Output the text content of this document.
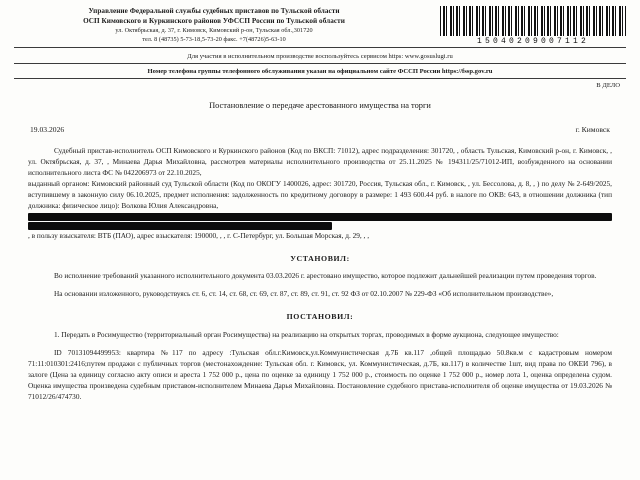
15040209007112
Управление Федеральной службы судебных приставов по Тульской области
ОСП Кимовского и Куркинского районов УФССП России по Тульской области
ул. Октябрьская, д. 37, г. Кимовск, Кимовский р-он, Тульская обл.,301720
тел. 8 (48735) 5-73-18,5-73-20 факс. +7(48726)5-63-10
Для участия в исполнительном производстве воспользуйтесь сервисом https: www.gosuslugi.ru
Номер телефона группы телефонного обслуживания указан на официальном сайте ФССП России https://fssp.gov.ru
В ДЕЛО
Постановление о передаче арестованного имущества на торги
19.03.2026	г. Кимовск

Судебный пристав-исполнитель ОСП Кимовского и Куркинского районов (Код по ВКСП: 71012), адрес подразделения: 301720, , область Тульская, Кимовский р-он, г. Кимовск, , ул. Октябрьская, д. 37, , Минаева Дарья Михайловна, рассмотрев материалы исполнительного производства от 25.11.2025 № 194311/25/71012-ИП, возбужденного на основании исполнительного листа ФС № 042206973 от 22.10.2025,

выданный органом: Кимовский районный суд Тульской области (Код по ОКОГУ 1400026, адрес: 301720, Россия, Тульская обл., г. Кимовск, , ул. Бессолова, д. 8, , ) по делу № 2-649/2025, вступившему в законную силу 06.10.2025, предмет исполнения: задолженность по кредитному договору в размере: 1 493 600.44 руб. в налоге по ОКВ: 643, в отношении должника (тип должника: физическое лицо): Волкова Юлия Александровна,

, в пользу взыскателя: ВТБ (ПАО), адрес взыскателя: 190000, , , г. С-Петербург, ул. Большая Морская, д. 29, , ,

УСТАНОВИЛ:

Во исполнение требований указанного исполнительного документа 03.03.2026 г. арестовано имущество, которое подлежит дальнейшей реализации путем проведения торгов.

На основании изложенного, руководствуясь ст. 6, ст. 14, ст. 68, ст. 69, ст. 87, ст. 89, ст. 91, ст. 92 ФЗ от 02.10.2007 № 229-ФЗ «Об исполнительном производстве»,

ПОСТАНОВИЛ:

1. Передать в Росимущество (территориальный орган Росимущества) на реализацию на открытых торгах, проводимых в форме аукциона, следующее имущество:

ID 70131094499953: квартира №117 по адресу :Тульская обл.г.Кимовск,ул.Коммунистическая д.7Б кв.117 ,общей площадью 50.8кв.м с кадастровым номером 71:11:010301:2416;путем продажи с публичных торгов (местонахождение: Тульская обл. г. Кимовск, ул. Коммунистическая, д.7Б, кв.117) в количестве 1шт, вид права по ОКЕИ 796), в залоге (Цена за единицу согласно акту описи и ареста 1 752 000 р., цена по оценке за единицу 1 752 000 р., стоимость по оценке 1 752 000 р., номер лота 1, оценка определена судом. Оценка имущества произведена судебным приставом-исполнителем Минаева Дарья Михайловна. Постановление судебного пристава-исполнителя об оценке имущества от 19.03.2026 № 71012/26/474730.
